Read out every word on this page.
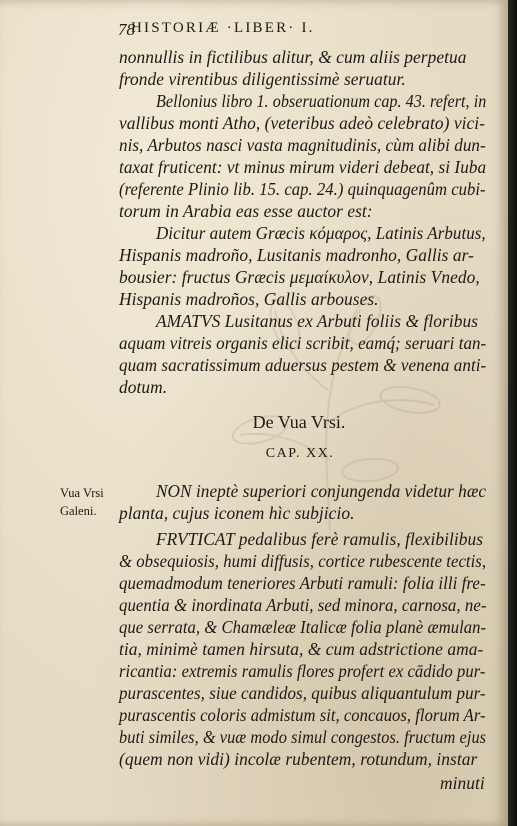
78
HISTORIÆ ·LIBER· I.
nonnullis in fictilibus alitur, & cum aliis perpetua
fronde virentibus diligentissimè seruatur.
Bellonius libro 1. obseruationum cap. 43. refert, in
vallibus monti Atho, (veteribus adeò celebrato) vici-
nis, Arbutos nasci vasta magnitudinis, cùm alibi dun-
taxat fruticent: vt minus mirum videri debeat, si Iuba
(referente Plinio lib. 15. cap. 24.) quinquagenûm cubi-
torum in Arabia eas esse auctor est:
Dicitur autem Græcis κόμαρος, Latinis Arbutus,
Hispanis madroño, Lusitanis madronho, Gallis ar-
bousier: fructus Græcis μεμαίκυλον, Latinis Vnedo,
Hispanis madroños, Gallis arbouses.
AMATVS Lusitanus ex Arbuti foliis & floribus
aquam vitreis organis elici scribit, eamq́; seruari tan-
quam sacratissimum aduersus pestem & venena anti-
dotum.
De Vua Vrsi.
CAP. XX.
NON ineptè superiori conjungenda videtur hæc
planta, cujus iconem hìc subjicio.
FRVTICAT pedalibus ferè ramulis, flexibilibus
& obsequiosis, humi diffusis, cortice rubescente tectis,
quemadmodum teneriores Arbuti ramuli: folia illi fre-
quentia & inordinata Arbuti, sed minora, carnosa, ne-
que serrata, & Chamæleæ Italicæ folia planè æmulan-
tia, minimè tamen hirsuta, & cum adstrictione ama-
ricantia: extremis ramulis flores profert ex cādido pur-
purascentes, siue candidos, quibus aliquantulum pur-
purascentis coloris admistum sit, concauos, florum Ar-
buti similes, & vuæ modo simul congestos. fructum ejus
(quem non vidi) incolæ rubentem, rotundum, instar
minuti
Vua Vrsi
Galeni.
